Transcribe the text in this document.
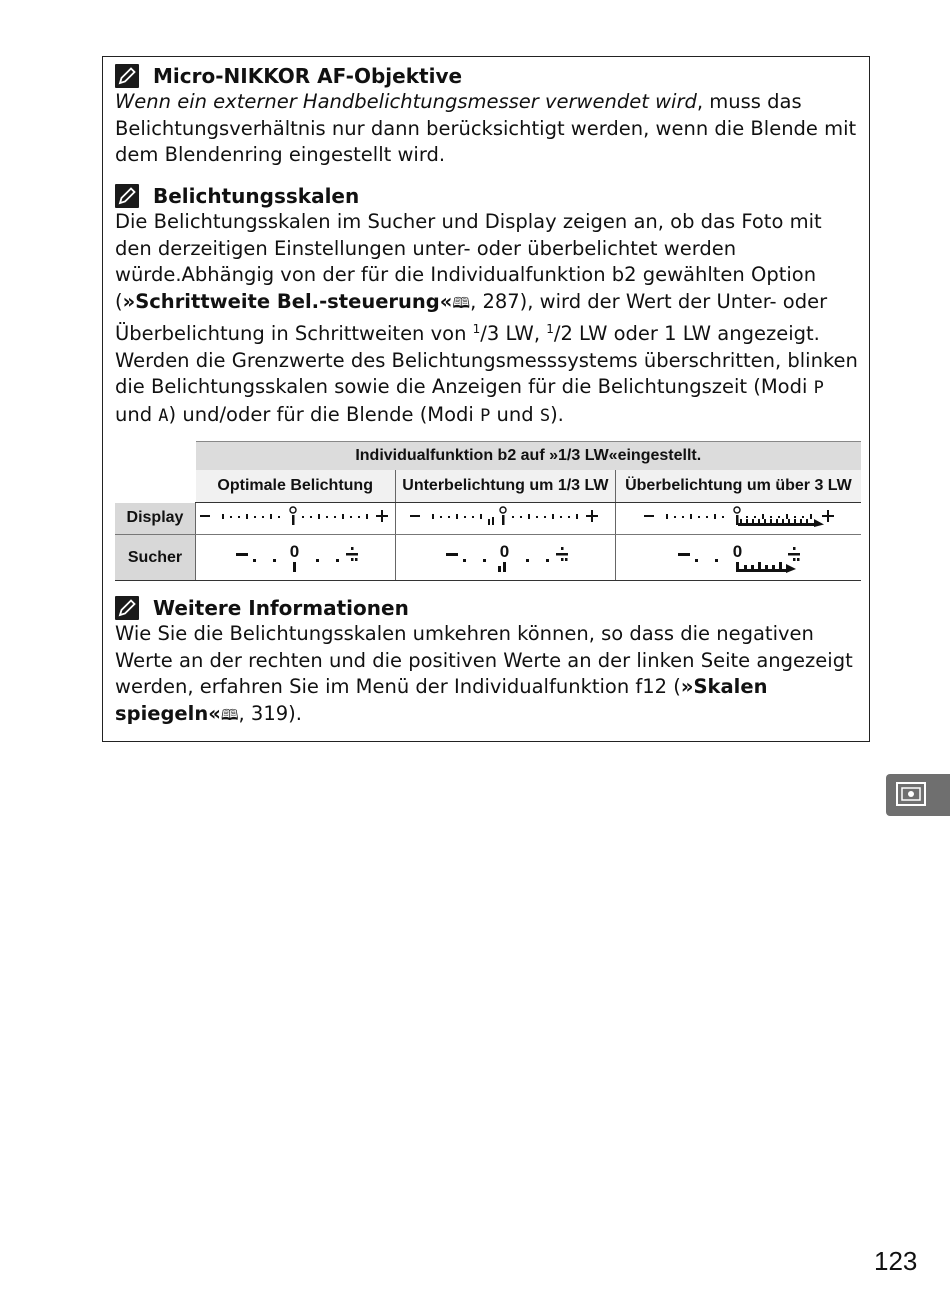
Micro-NIKKOR AF-Objektive

Wenn ein externer Handbelichtungsmesser verwendet wird, muss das Belichtungsverhältnis nur dann berücksichtigt werden, wenn die Blende mit dem Blendenring eingestellt wird.

Belichtungsskalen

Die Belichtungsskalen im Sucher und Display zeigen an, ob das Foto mit den derzeitigen Einstellungen unter- oder überbelichtet werden würde.Abhängig von der für die Individualfunktion b2 gewählten Option (»Schrittweite Bel.-steuerung«🕮, 287), wird der Wert der Unter- oder Überbelichtung in Schrittweiten von $^1$/3 LW, $^1$/2 LW oder 1 LW angezeigt.
Werden die Grenzwerte des Belichtungsmesssystems überschritten, blinken die Belichtungsskalen sowie die Anzeigen für die Belichtungszeit (Modi P
und A) und/oder für die Blende (Modi P und S).

	Individualfunktion b2 auf »1/3 LW«eingestellt.		
	Optimale Belichtung	Unterbelichtung um 1/3 LW	Überbelichtung um über 3 LW
Display			
Sucher	0	0	0
Weitere Informationen

Wie Sie die Belichtungsskalen umkehren können, so dass die negativen Werte an der rechten und die positiven Werte an der linken Seite angezeigt werden, erfahren Sie im Menü der Individualfunktion f12 (»Skalen spiegeln«🕮, 319).

123
